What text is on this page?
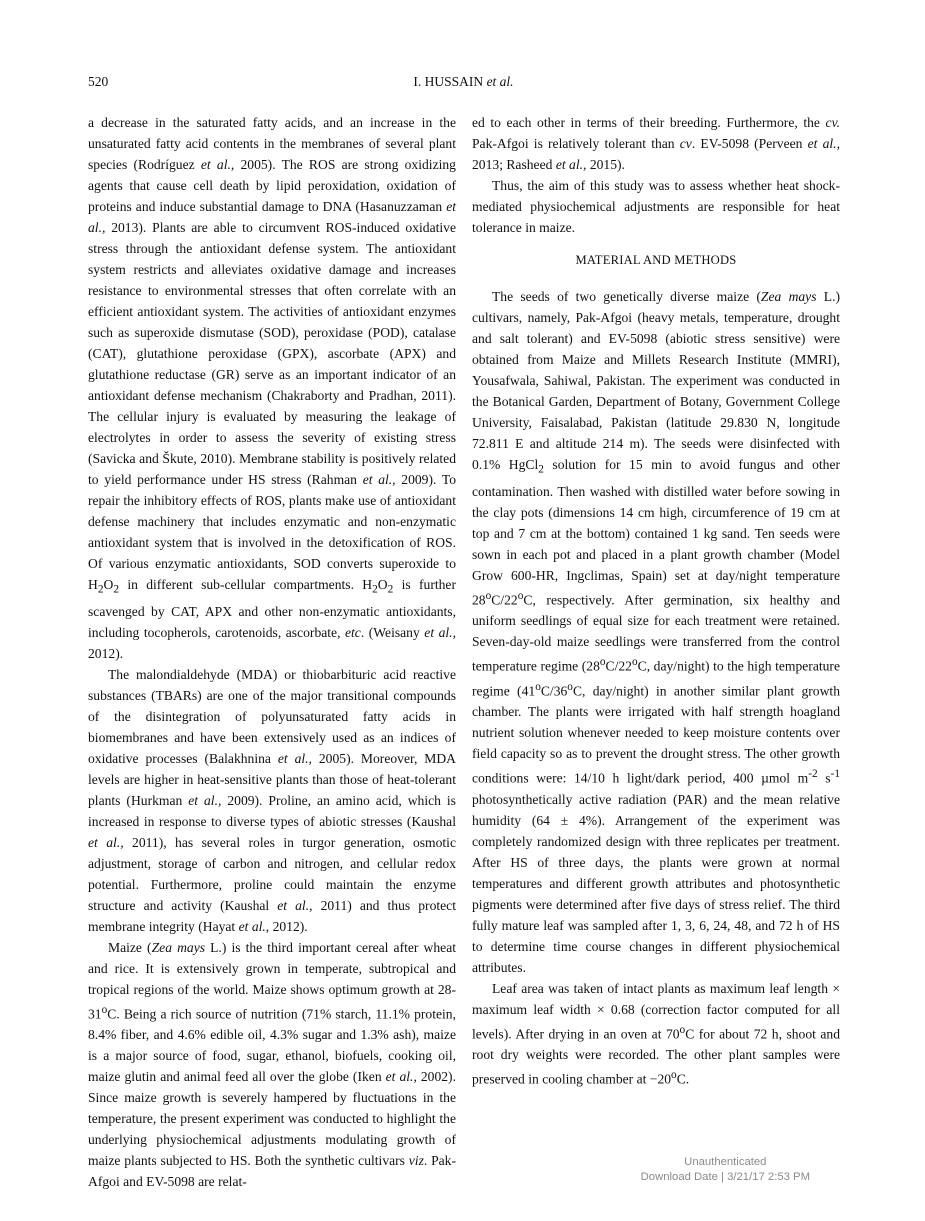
520	I. HUSSAIN et al.

a decrease in the saturated fatty acids, and an increase in the unsaturated fatty acid contents in the membranes of several plant species (Rodríguez et al., 2005). The ROS are strong oxidizing agents that cause cell death by lipid peroxidation, oxidation of proteins and induce substantial damage to DNA (Hasanuzzaman et al., 2013). Plants are able to circumvent ROS-induced oxidative stress through the antioxidant defense system. The antioxidant system restricts and alleviates oxidative damage and increases resistance to environmental stresses that often correlate with an efficient antioxidant system. The activities of antioxidant enzymes such as superoxide dismutase (SOD), peroxidase (POD), catalase (CAT), glutathione peroxidase (GPX), ascorbate (APX) and glutathione reductase (GR) serve as an important indicator of an antioxidant defense mechanism (Chakraborty and Pradhan, 2011). The cellular injury is evaluated by measuring the leakage of electrolytes in order to assess the severity of existing stress (Savicka and Škute, 2010). Membrane stability is positively related to yield performance under HS stress (Rahman et al., 2009). To repair the inhibitory effects of ROS, plants make use of antioxidant defense machinery that includes enzymatic and non-enzymatic antioxidant system that is involved in the detoxification of ROS. Of various enzymatic antioxidants, SOD converts superoxide to $H_2O_2$ in different sub-cellular compartments. $H_2O_2$ is further scavenged by CAT, APX and other non-enzymatic antioxidants, including tocopherols, carotenoids, ascorbate, etc. (Weisany et al., 2012).

The malondialdehyde (MDA) or thiobarbituric acid reactive substances (TBARs) are one of the major transitional compounds of the disintegration of polyunsaturated fatty acids in biomembranes and have been extensively used as an indices of oxidative processes (Balakhnina et al., 2005). Moreover, MDA levels are higher in heat-sensitive plants than those of heat-tolerant plants (Hurkman et al., 2009). Proline, an amino acid, which is increased in response to diverse types of abiotic stresses (Kaushal et al., 2011), has several roles in turgor generation, osmotic adjustment, storage of carbon and nitrogen, and cellular redox potential. Furthermore, proline could maintain the enzyme structure and activity (Kaushal et al., 2011) and thus protect membrane integrity (Hayat et al., 2012).

Maize (Zea mays L.) is the third important cereal after wheat and rice. It is extensively grown in temperate, subtropical and tropical regions of the world. Maize shows optimum growth at 28-31$^o$C. Being a rich source of nutrition (71% starch, 11.1% protein, 8.4% fiber, and 4.6% edible oil, 4.3% sugar and 1.3% ash), maize is a major source of food, sugar, ethanol, biofuels, cooking oil, maize glutin and animal feed all over the globe (Iken et al., 2002). Since maize growth is severely hampered by fluctuations in the temperature, the present experiment was conducted to highlight the underlying physiochemical adjustments modulating growth of maize plants subjected to HS. Both the synthetic cultivars viz. Pak-Afgoi and EV-5098 are relat-

ed to each other in terms of their breeding. Furthermore, the cv. Pak-Afgoi is relatively tolerant than cv. EV-5098 (Perveen et al., 2013; Rasheed et al., 2015).

Thus, the aim of this study was to assess whether heat shock-mediated physiochemical adjustments are responsible for heat tolerance in maize.

MATERIAL AND METHODS

The seeds of two genetically diverse maize (Zea mays L.) cultivars, namely, Pak-Afgoi (heavy metals, temperature, drought and salt tolerant) and EV-5098 (abiotic stress sensitive) were obtained from Maize and Millets Research Institute (MMRI), Yousafwala, Sahiwal, Pakistan. The experiment was conducted in the Botanical Garden, Department of Botany, Government College University, Faisalabad, Pakistan (latitude 29.830 N, longitude 72.811 E and altitude 214 m). The seeds were disinfected with 0.1% HgCl$_2$ solution for 15 min to avoid fungus and other contamination. Then washed with distilled water before sowing in the clay pots (dimensions 14 cm high, circumference of 19 cm at top and 7 cm at the bottom) contained 1 kg sand. Ten seeds were sown in each pot and placed in a plant growth chamber (Model Grow 600-HR, Ingclimas, Spain) set at day/night temperature 28$^o$C/22$^o$C, respectively. After germination, six healthy and uniform seedlings of equal size for each treatment were retained. Seven-day-old maize seedlings were transferred from the control temperature regime (28$^o$C/22$^o$C, day/night) to the high temperature regime (41$^o$C/36$^o$C, day/night) in another similar plant growth chamber. The plants were irrigated with half strength hoagland nutrient solution whenever needed to keep moisture contents over field capacity so as to prevent the drought stress. The other growth conditions were: 14/10 h light/dark period, 400 µmol $m^{-2}$ $s^{-1}$ photosynthetically active radiation (PAR) and the mean relative humidity (64 ± 4%). Arrangement of the experiment was completely randomized design with three replicates per treatment. After HS of three days, the plants were grown at normal temperatures and different growth attributes and photosynthetic pigments were determined after five days of stress relief. The third fully mature leaf was sampled after 1, 3, 6, 24, 48, and 72 h of HS to determine time course changes in different physiochemical attributes.

Leaf area was taken of intact plants as maximum leaf length × maximum leaf width × 0.68 (correction factor computed for all levels). After drying in an oven at 70$^o$C for about 72 h, shoot and root dry weights were recorded. The other plant samples were preserved in cooling chamber at $-20^oC$.

Unauthenticated
Download Date | 3/21/17 2:53 PM
